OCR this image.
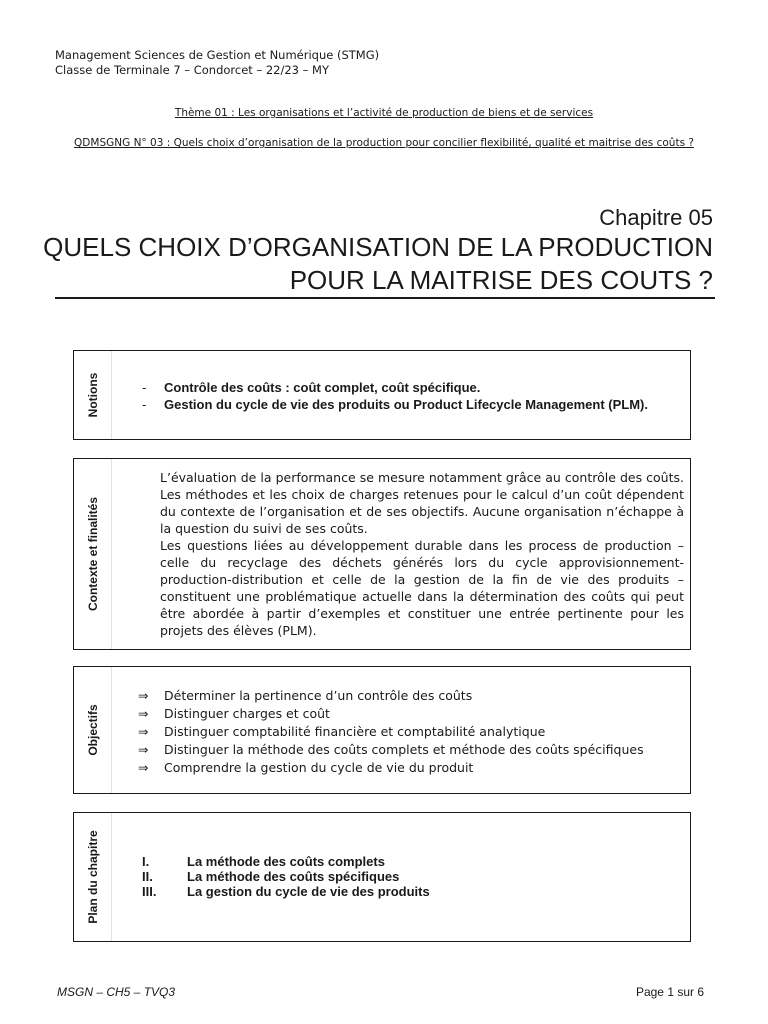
Management Sciences de Gestion et Numérique (STMG)
Classe de Terminale 7 – Condorcet – 22/23 – MY
Thème 01 : Les organisations et l’activité de production de biens et de services
QDMSGNG N° 03 : Quels choix d’organisation de la production pour concilier flexibilité, qualité et maitrise des coûts ?
Chapitre 05
QUELS CHOIX D’ORGANISATION DE LA PRODUCTION
POUR LA MAITRISE DES COUTS ?
Notions	- Contrôle des coûts : coût complet, coût spécifique.
- Gestion du cycle de vie des produits ou Product Lifecycle Management (PLM).
Contexte et finalités

L’évaluation de la performance se mesure notamment grâce au contrôle des coûts. Les méthodes et les choix de charges retenues pour le calcul d’un coût dépendent du contexte de l’organisation et de ses objectifs. Aucune organisation n’échappe à la question du suivi de ses coûts.

Les questions liées au développement durable dans les process de production – celle du recyclage des déchets générés lors du cycle approvisionnement-production-distribution et celle de la gestion de la fin de vie des produits – constituent une problématique actuelle dans la détermination des coûts qui peut être abordée à partir d’exemples et constituer une entrée pertinente pour les projets des élèves (PLM).

Objectifs
⇒ Déterminer la pertinence d’un contrôle des coûts
⇒ Distinguer charges et coût
⇒ Distinguer comptabilité financière et comptabilité analytique
⇒ Distinguer la méthode des coûts complets et méthode des coûts spécifiques
⇒ Comprendre la gestion du cycle de vie du produit
Plan du chapitre	I.	La méthode des coûts complets
II.	La méthode des coûts spécifiques
III. La gestion du cycle de vie des produits
MSGN – CH5 – TVQ3	Page 1 sur 6
